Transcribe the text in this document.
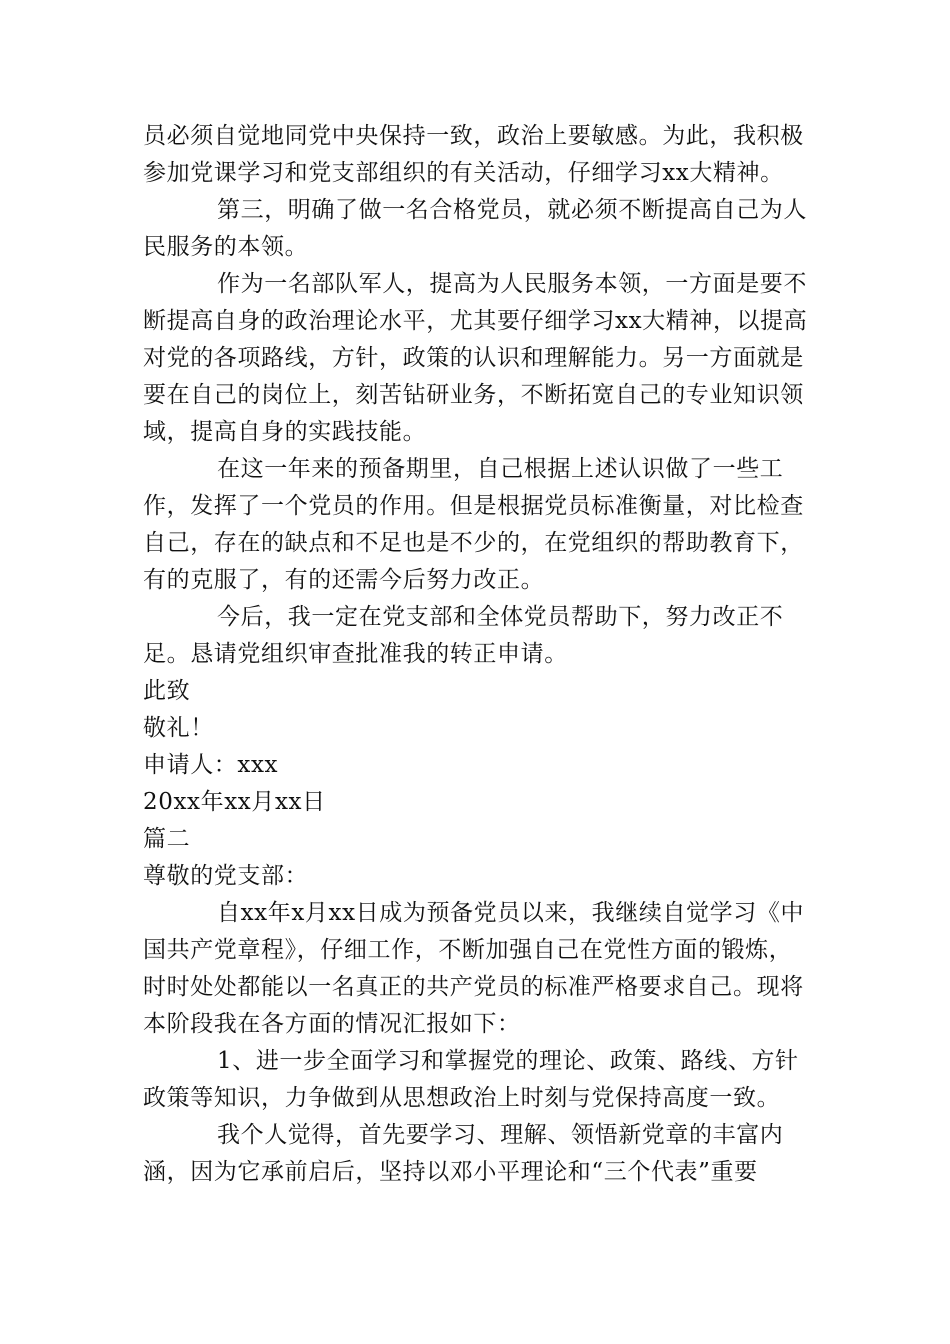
员必须自觉地同党中央保持一致，政治上要敏感。为此，我积极参加党课学习和党支部组织的有关活动，仔细学习xx大精神。

第三，明确了做一名合格党员，就必须不断提高自己为人民服务的本领。

作为一名部队军人，提高为人民服务本领，一方面是要不断提高自身的政治理论水平，尤其要仔细学习xx大精神，以提高对党的各项路线，方针，政策的认识和理解能力。另一方面就是要在自己的岗位上，刻苦钻研业务，不断拓宽自己的专业知识领域，提高自身的实践技能。

在这一年来的预备期里，自己根据上述认识做了一些工作，发挥了一个党员的作用。但是根据党员标准衡量，对比检查自己，存在的缺点和不足也是不少的，在党组织的帮助教育下，有的克服了，有的还需今后努力改正。

今后，我一定在党支部和全体党员帮助下，努力改正不足。恳请党组织审查批准我的转正申请。

此致

敬礼！

申请人：xxx

20xx年xx月xx日

篇二

尊敬的党支部：

自xx年x月xx日成为预备党员以来，我继续自觉学习《中国共产党章程》，仔细工作，不断加强自己在党性方面的锻炼，时时处处都能以一名真正的共产党员的标准严格要求自己。现将本阶段我在各方面的情况汇报如下：

1、进一步全面学习和掌握党的理论、政策、路线、方针政策等知识，力争做到从思想政治上时刻与党保持高度一致。

我个人觉得，首先要学习、理解、领悟新党章的丰富内涵，因为它承前启后，坚持以邓小平理论和“三个代表”重要
